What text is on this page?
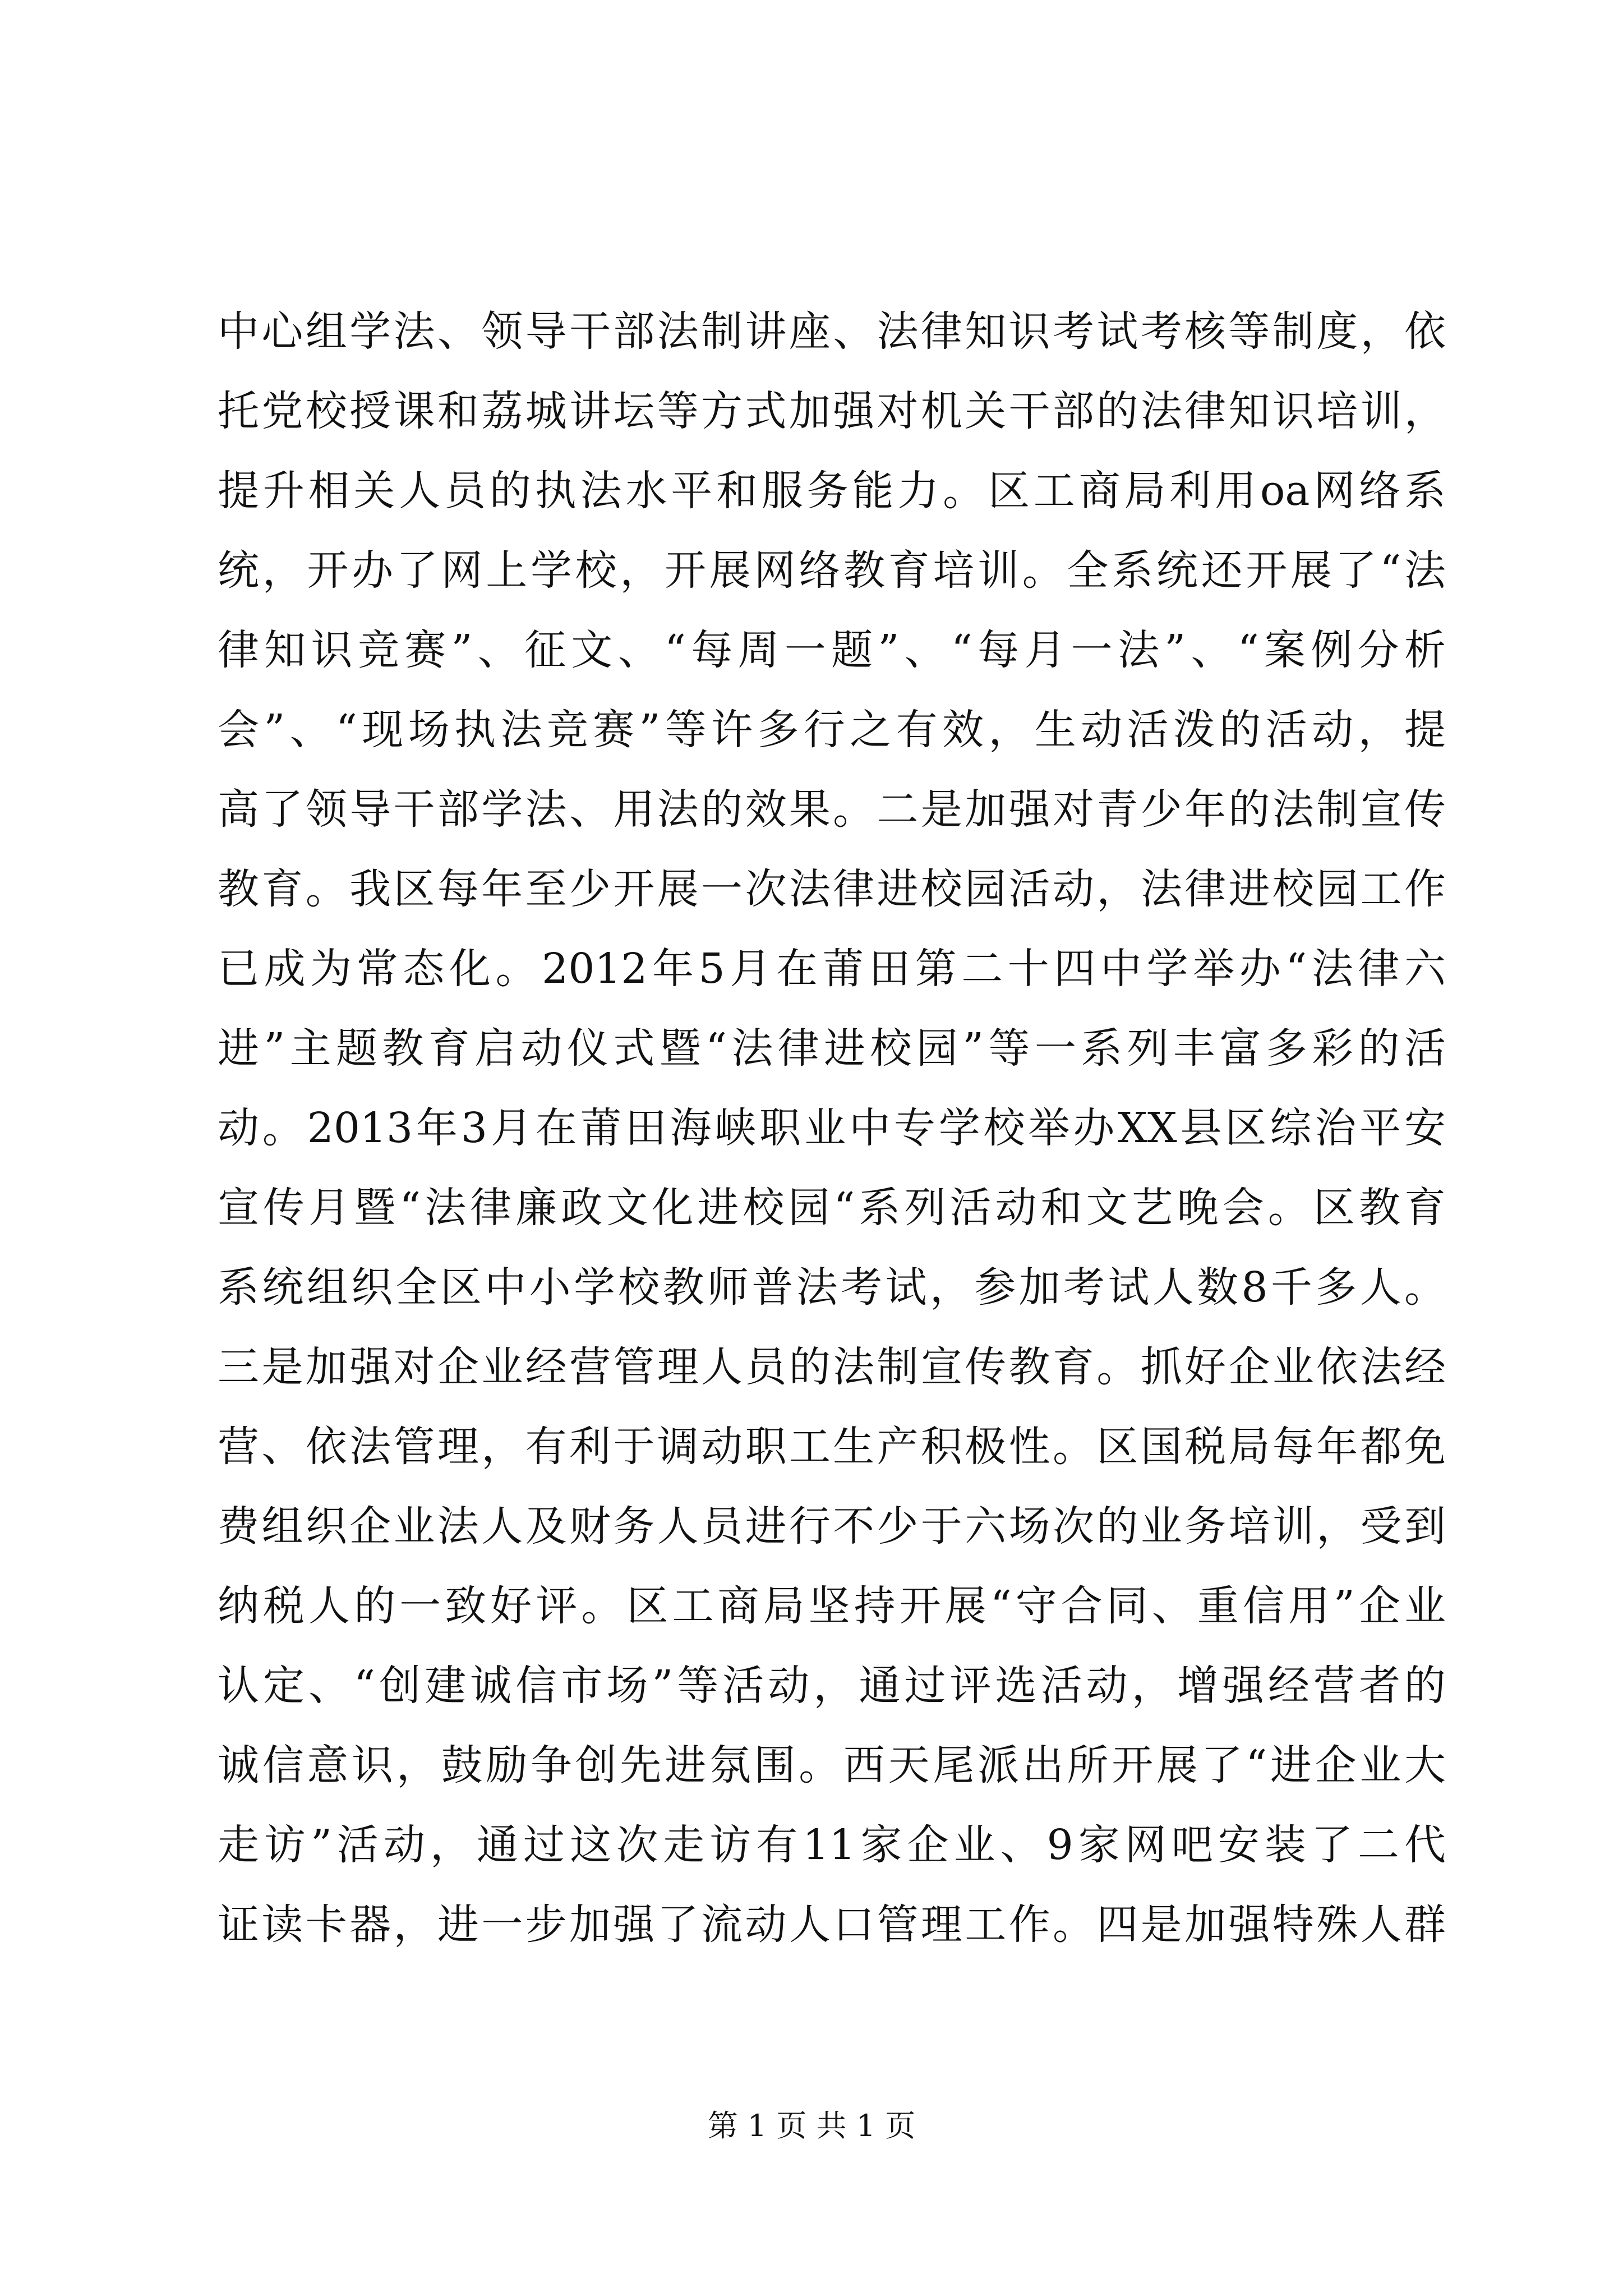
中心组学法、领导干部法制讲座、法律知识考试考核等制度，依
托党校授课和荔城讲坛等方式加强对机关干部的法律知识培训，
提升相关人员的执法水平和服务能力。区工商局利用oa网络系
统，开办了网上学校，开展网络教育培训。全系统还开展了“法
律知识竞赛”、征文、“每周一题”、“每月一法”、“案例分析
会”、“现场执法竞赛”等许多行之有效，生动活泼的活动，提
高了领导干部学法、用法的效果。二是加强对青少年的法制宣传
教育。我区每年至少开展一次法律进校园活动，法律进校园工作
已成为常态化。2012年5月在莆田第二十四中学举办“法律六
进”主题教育启动仪式暨“法律进校园”等一系列丰富多彩的活
动。2013年3月在莆田海峡职业中专学校举办XX县区综治平安
宣传月暨“法律廉政文化进校园“系列活动和文艺晚会。区教育
系统组织全区中小学校教师普法考试，参加考试人数8千多人。
三是加强对企业经营管理人员的法制宣传教育。抓好企业依法经
营、依法管理，有利于调动职工生产积极性。区国税局每年都免
费组织企业法人及财务人员进行不少于六场次的业务培训，受到
纳税人的一致好评。区工商局坚持开展“守合同、重信用”企业
认定、“创建诚信市场”等活动，通过评选活动，增强经营者的
诚信意识，鼓励争创先进氛围。西天尾派出所开展了“进企业大
走访”活动，通过这次走访有11家企业、9家网吧安装了二代
证读卡器，进一步加强了流动人口管理工作。四是加强特殊人群
第 1 页 共 1 页
